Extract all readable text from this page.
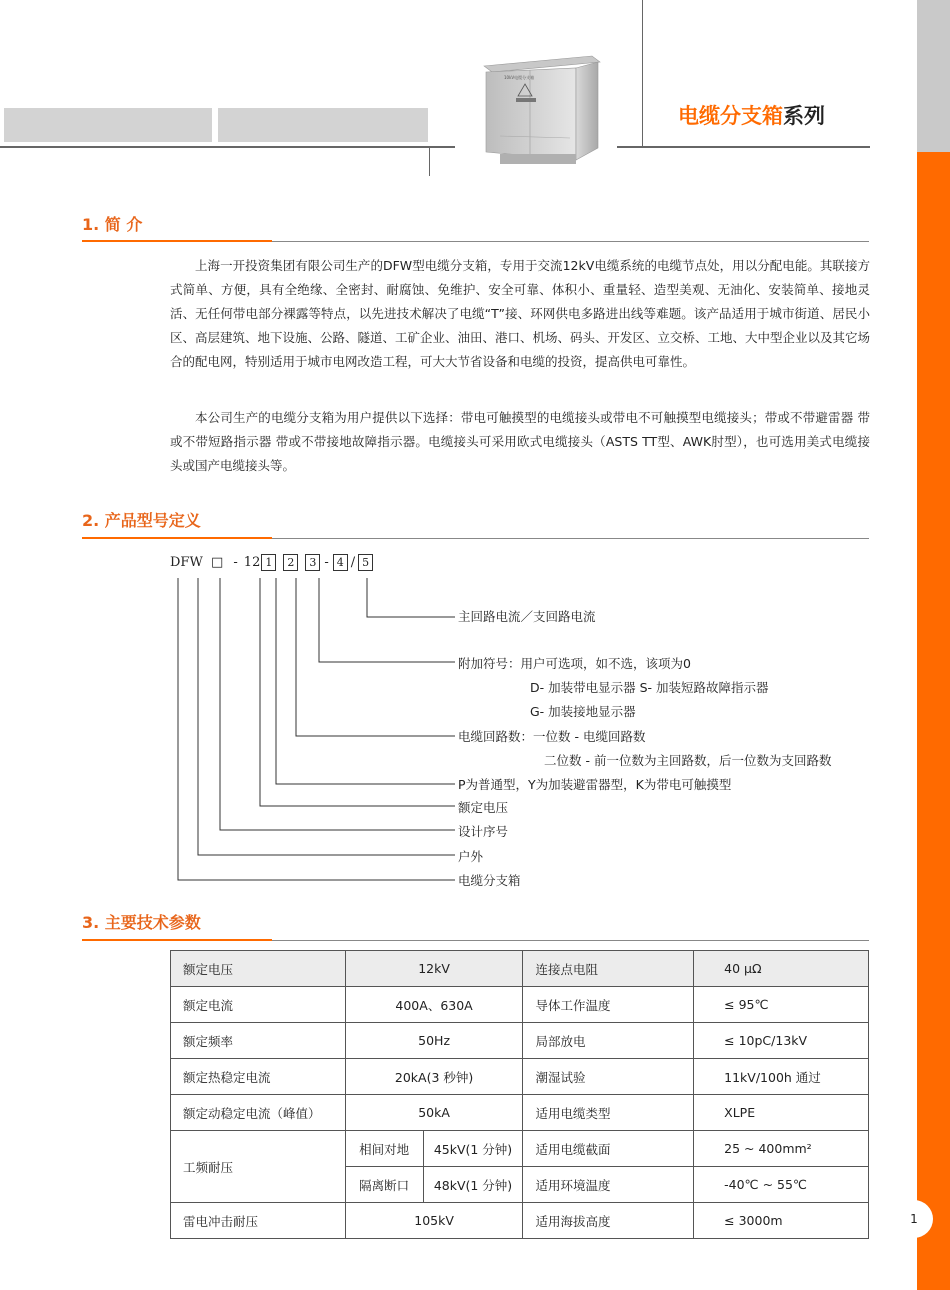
1
电缆分支箱系列
10kV电缆分支箱
1. 简 介
上海一开投资集团有限公司生产的DFW型电缆分支箱，专用于交流12kV电缆系统的电缆节点处，用以分配电能。其联接方式简单、方便，具有全绝缘、全密封、耐腐蚀、免维护、安全可靠、体积小、重量轻、造型美观、无油化、安装简单、接地灵活、无任何带电部分裸露等特点，以先进技术解决了电缆“T”接、环网供电多路进出线等难题。该产品适用于城市街道、居民小区、高层建筑、地下设施、公路、隧道、工矿企业、油田、港口、机场、码头、开发区、立交桥、工地、大中型企业以及其它场合的配电网，特别适用于城市电网改造工程，可大大节省设备和电缆的投资，提高供电可靠性。
本公司生产的电缆分支箱为用户提供以下选择：带电可触摸型的电缆接头或带电不可触摸型电缆接头；带或不带避雷器 带或不带短路指示器 带或不带接地故障指示器。电缆接头可采用欧式电缆接头（ASTS TT型、AWK肘型），也可选用美式电缆接头或国产电缆接头等。
2. 产品型号定义
DFW □ - 12 1 2 3 - 4 / 5
主回路电流／支回路电流
附加符号：用户可选项，如不选，该项为0
D- 加装带电显示器 S- 加装短路故障指示器
G- 加装接地显示器
电缆回路数：一位数 - 电缆回路数
二位数 - 前一位数为主回路数，后一位数为支回路数
P为普通型，Y为加装避雷器型，K为带电可触摸型
额定电压
设计序号
户外
电缆分支箱
3. 主要技术参数
额定电压	12kV		连接点电阻	40 μΩ
额定电流	400A、630A		导体工作温度	≤ 95℃
额定频率	50Hz		局部放电	≤ 10pC/13kV
额定热稳定电流	20kA(3 秒钟)		潮湿试验	11kV/100h 通过
额定动稳定电流（峰值）	50kA		适用电缆类型	XLPE
工频耐压	相间对地	45kV(1 分钟)	适用电缆截面	25 ~ 400mm²
	隔离断口	48kV(1 分钟)	适用环境温度	-40℃ ~ 55℃
雷电冲击耐压	105kV		适用海拔高度	≤ 3000m
